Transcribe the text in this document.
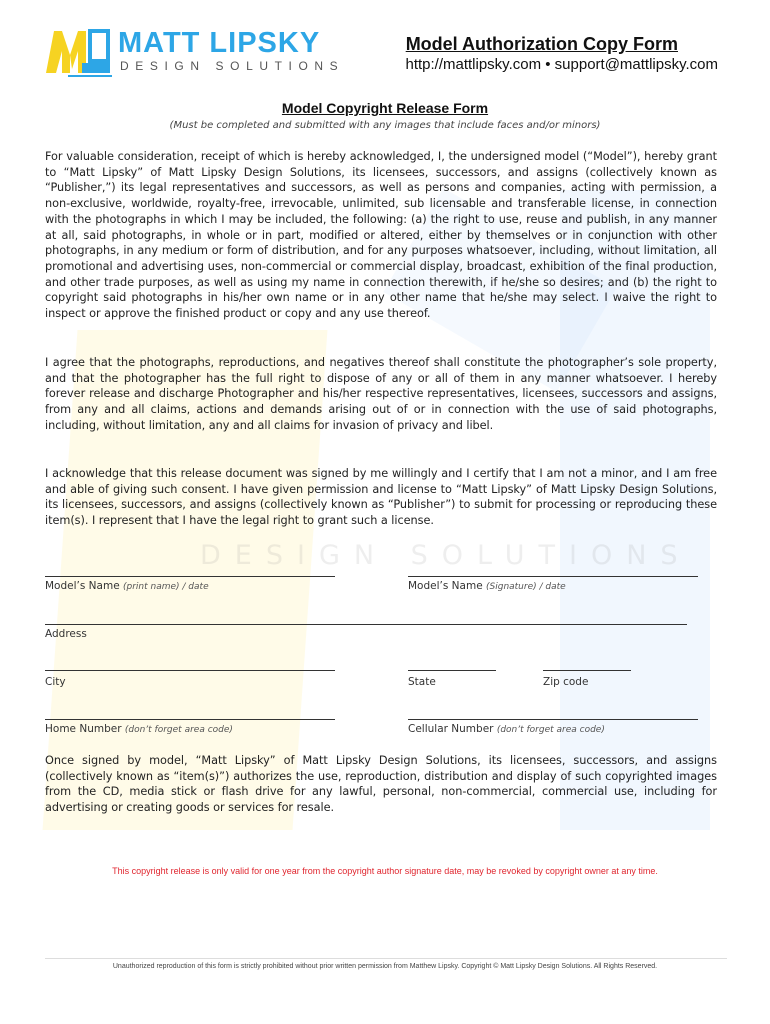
DESIGN SOLUTIONS
MATT LIPSKY
DESIGN SOLUTIONS
Model Authorization Copy Form
http://mattlipsky.com • support@mattlipsky.com
Model Copyright Release Form
(Must be completed and submitted with any images that include faces and/or minors)

For valuable consideration, receipt of which is hereby acknowledged, I, the undersigned model (“Model”), hereby grant to “Matt Lipsky” of Matt Lipsky Design Solutions, its licensees, successors, and assigns (collectively known as “Publisher,”) its legal representatives and successors, as well as persons and companies, acting with permission, a non-exclusive, worldwide, royalty-free, irrevocable, unlimited, sub licensable and transferable license, in connection with the photographs in which I may be included, the following: (a) the right to use, reuse and publish, in any manner at all, said photographs, in whole or in part, modified or altered, either by themselves or in conjunction with other photographs, in any medium or form of distribution, and for any purposes whatsoever, including, without limitation, all promotional and advertising uses, non-commercial or commercial display, broadcast, exhibition of the final production, and other trade purposes, as well as using my name in connection therewith, if he/she so desires; and (b) the right to copyright said photographs in his/her own name or in any other name that he/she may select. I waive the right to inspect or approve the finished product or copy and any use thereof.

I agree that the photographs, reproductions, and negatives thereof shall constitute the photographer’s sole property, and that the photographer has the full right to dispose of any or all of them in any manner whatsoever. I hereby forever release and discharge Photographer and his/her respective representatives, licensees, successors and assigns, from any and all claims, actions and demands arising out of or in connection with the use of said photographs, including, without limitation, any and all claims for invasion of privacy and libel.

I acknowledge that this release document was signed by me willingly and I certify that I am not a minor, and I am free and able of giving such consent. I have given permission and license to “Matt Lipsky” of Matt Lipsky Design Solutions, its licensees, successors, and assigns (collectively known as “Publisher”) to submit for processing or reproducing these item(s). I represent that I have the legal right to grant such a license.

Model’s Name (print name) / date	Model’s Name (Signature) / date
Address
City	State	Zip code
Home Number (don’t forget area code)	Cellular Number (don’t forget area code)

Once signed by model, “Matt Lipsky” of Matt Lipsky Design Solutions, its licensees, successors, and assigns (collectively known as “item(s)”) authorizes the use, reproduction, distribution and display of such copyrighted images from the CD, media stick or flash drive for any lawful, personal, non-commercial, commercial use, including for advertising or creating goods or services for resale.

This copyright release is only valid for one year from the copyright author signature date, may be revoked by copyright owner at any time.
Unauthorized reproduction of this form is strictly prohibited without prior written permission from Matthew Lipsky. Copyright © Matt Lipsky Design Solutions. All Rights Reserved.
